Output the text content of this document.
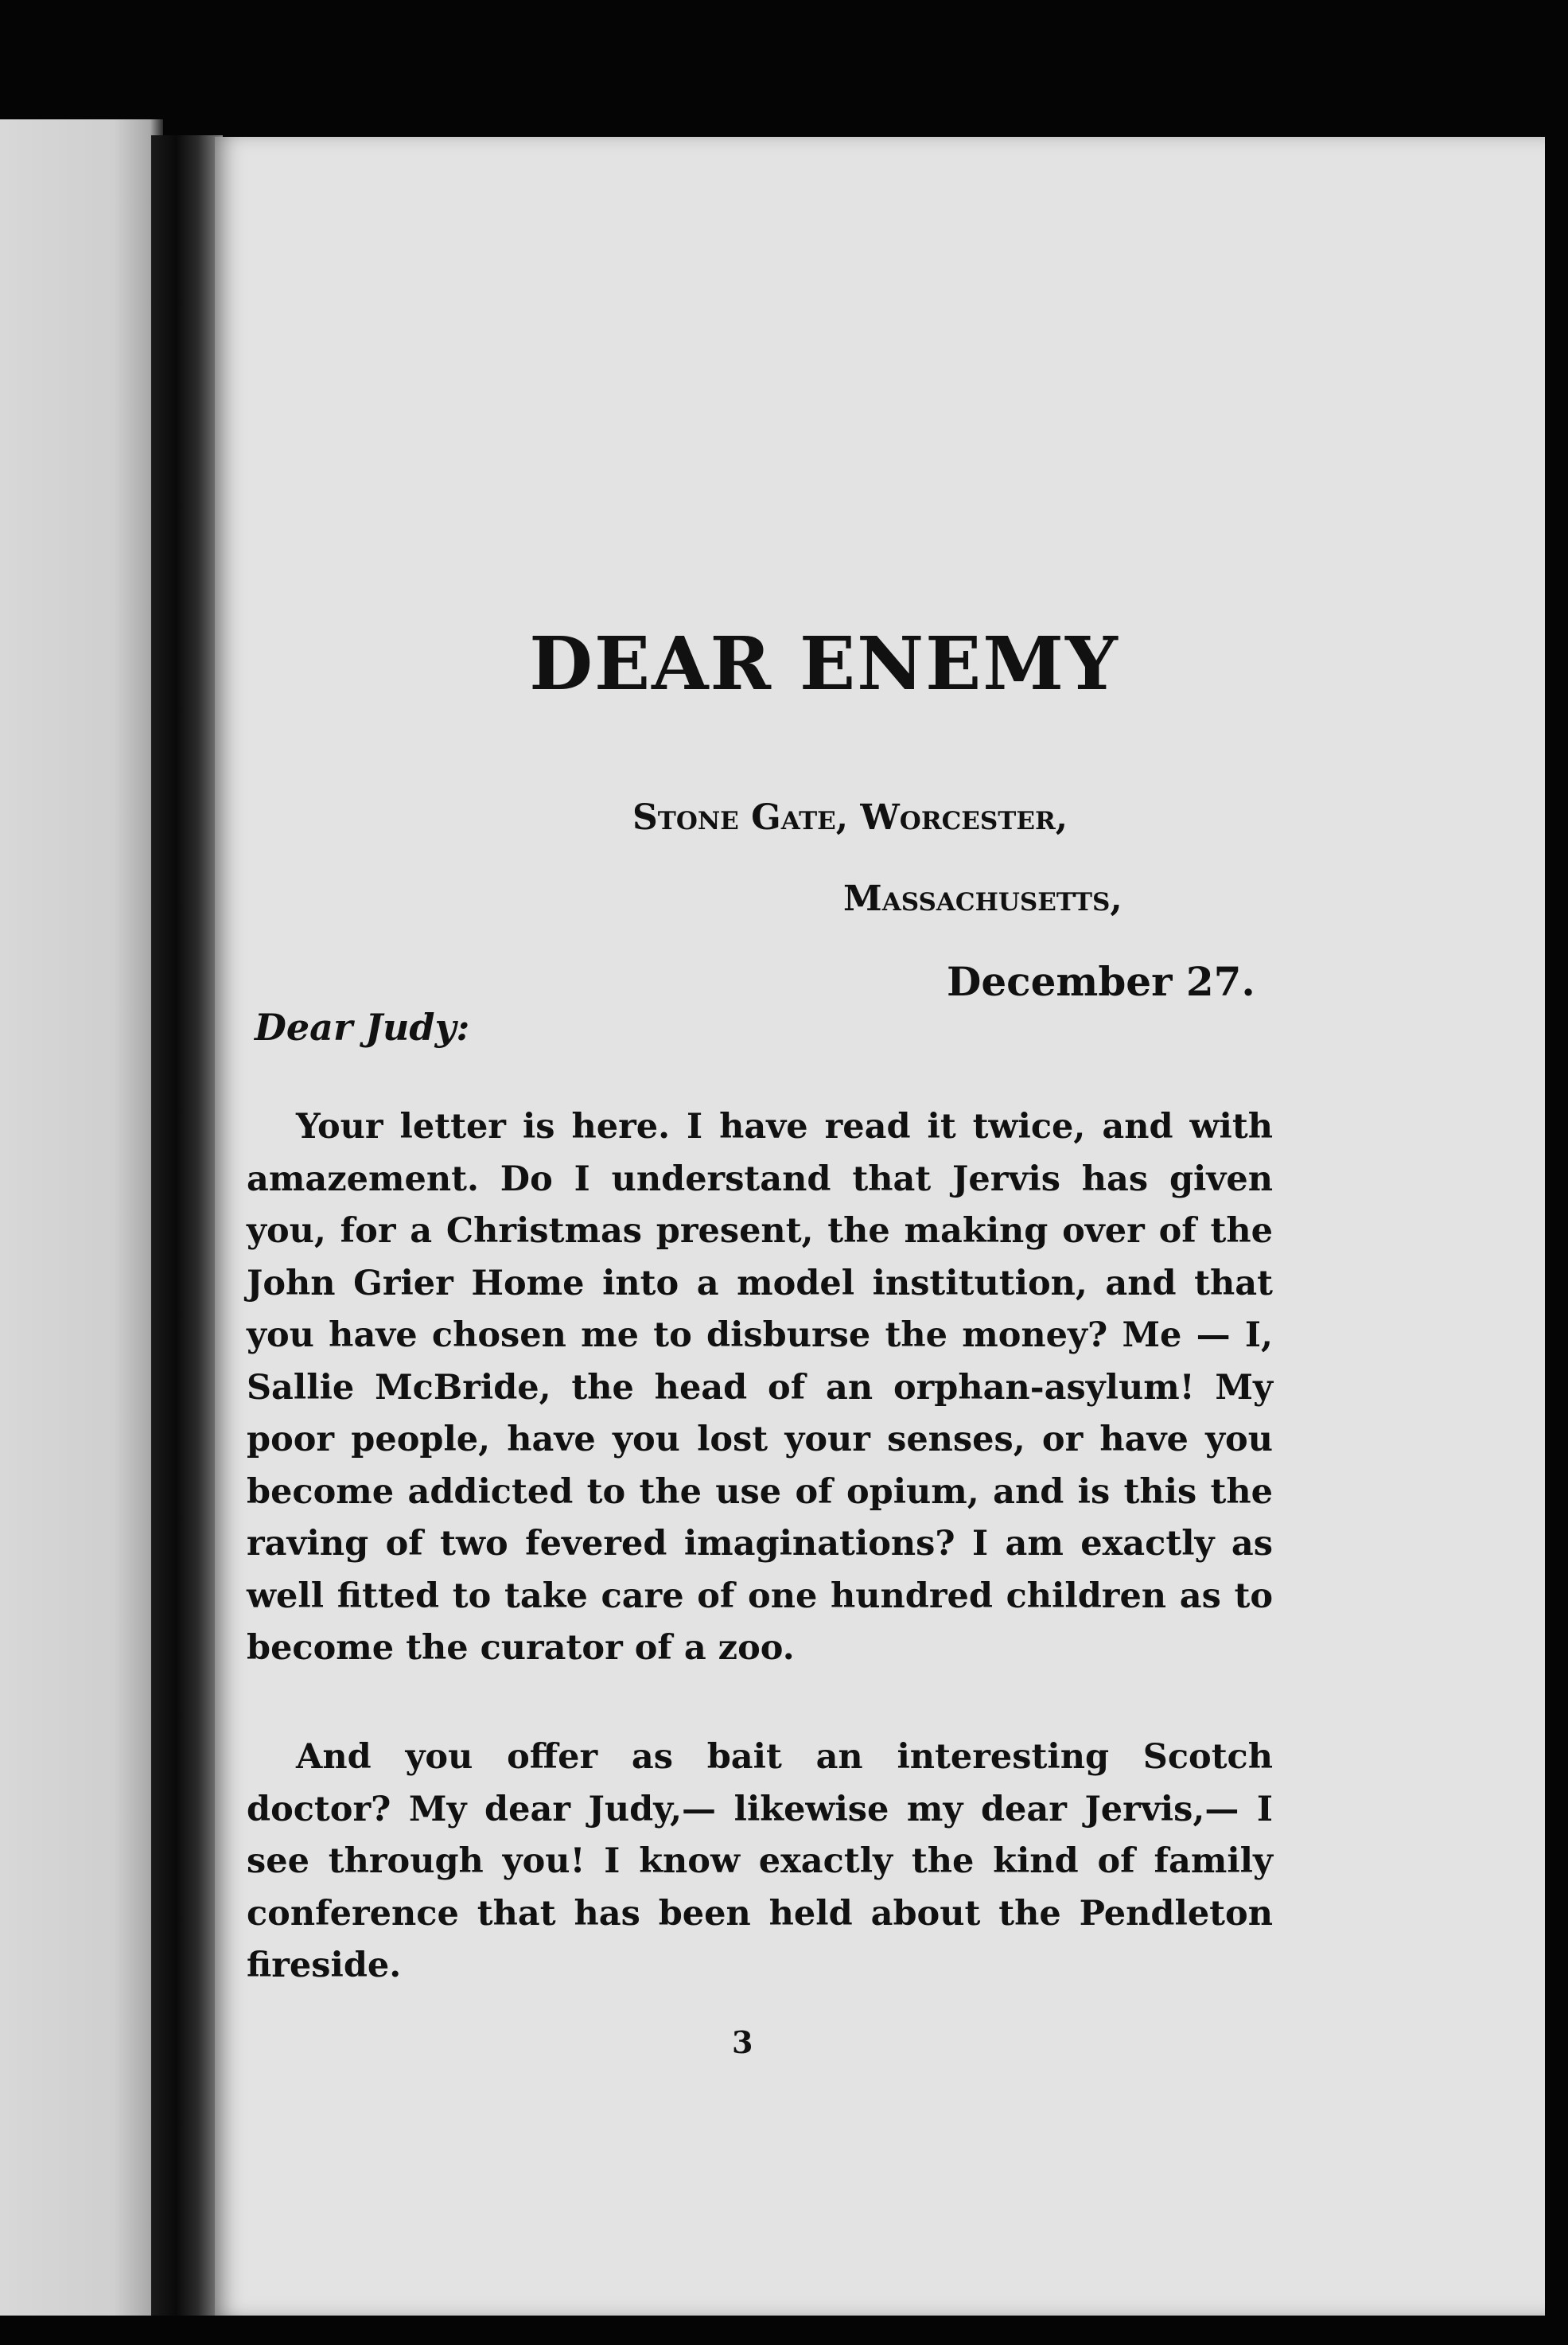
DEAR ENEMY
Stone Gate, Worcester,
Massachusetts,
December 27.
Dear Judy:

Your letter is here. I have read it twice, and with amazement. Do I understand that Jervis has given you, for a Christmas present, the making over of the John Grier Home into a model institution, and that you have chosen me to disburse the money? Me — I, Sallie McBride, the head of an orphan-asylum! My poor people, have you lost your senses, or have you become addicted to the use of opium, and is this the raving of two fevered imaginations? I am exactly as well fitted to take care of one hundred children as to become the curator of a zoo.

And you offer as bait an interesting Scotch doctor? My dear Judy,— likewise my dear Jervis,— I see through you! I know exactly the kind of family conference that has been held about the Pendleton fireside.

3
